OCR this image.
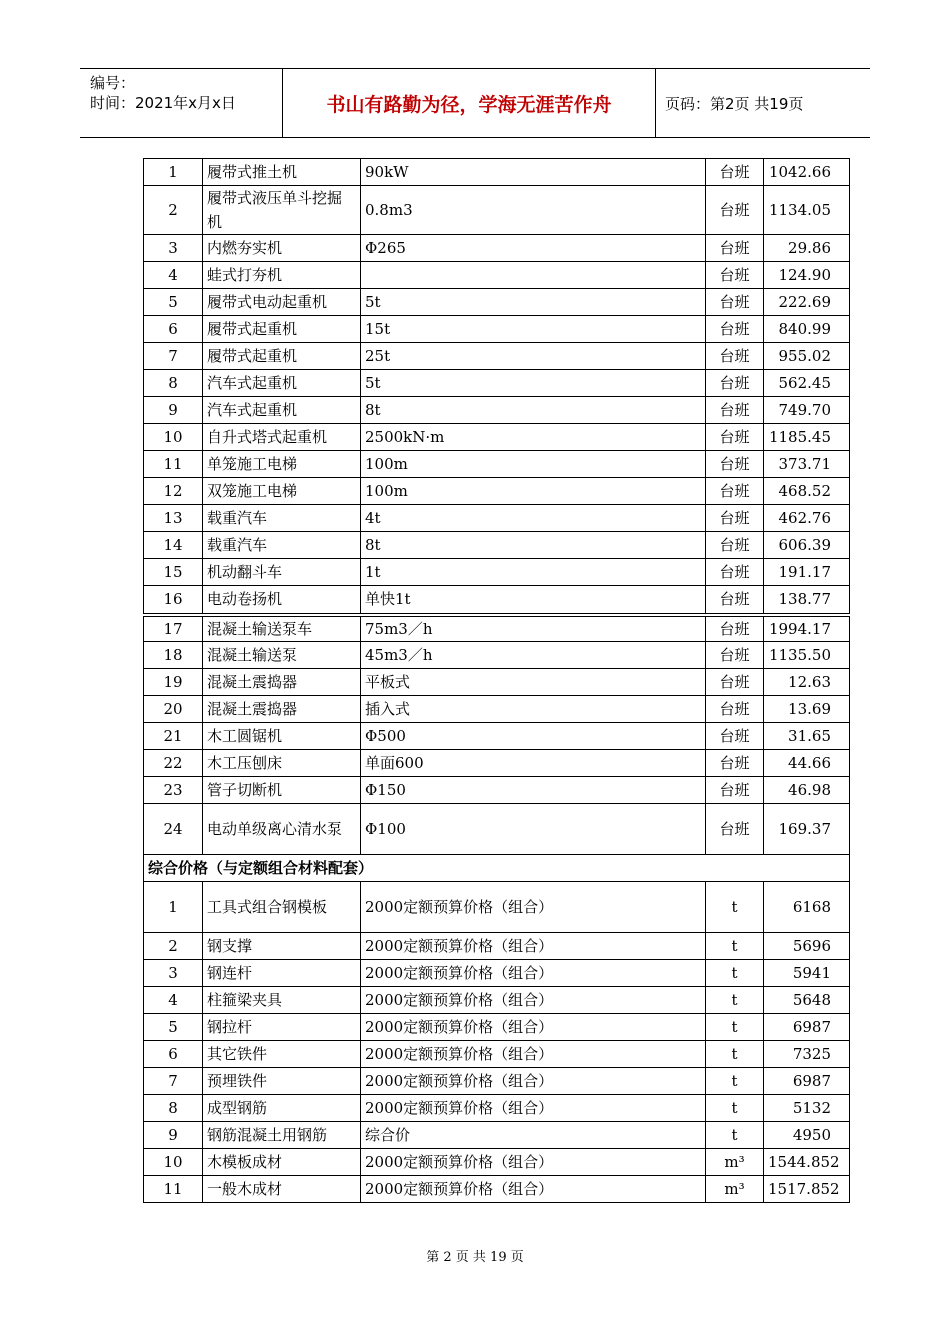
编号：
时间：2021年x月x日	书山有路勤为径，学海无涯苦作舟	页码：第2页 共19页
1	履带式推土机	90kW	台班	1042.66
2	履带式液压单斗挖掘机	0.8m3	台班	1134.05
3	内燃夯实机	Φ265	台班	29.86
4	蛙式打夯机		台班	124.90
5	履带式电动起重机	5t	台班	222.69
6	履带式起重机	15t	台班	840.99
7	履带式起重机	25t	台班	955.02
8	汽车式起重机	5t	台班	562.45
9	汽车式起重机	8t	台班	749.70
10	自升式塔式起重机	2500kN·m	台班	1185.45
11	单笼施工电梯	100m	台班	373.71
12	双笼施工电梯	100m	台班	468.52
13	载重汽车	4t	台班	462.76
14	载重汽车	8t	台班	606.39
15	机动翻斗车	1t	台班	191.17
16	电动卷扬机	单快1t	台班	138.77
17	混凝土输送泵车	75m3／h	台班	1994.17
18	混凝土输送泵	45m3／h	台班	1135.50
19	混凝土震捣器	平板式	台班	12.63
20	混凝土震捣器	插入式	台班	13.69
21	木工圆锯机	Φ500	台班	31.65
22	木工压刨床	单面600	台班	44.66
23	管子切断机	Φ150	台班	46.98
24	电动单级离心清水泵	Φ100	台班	169.37
综合价格（与定额组合材料配套）				
1	工具式组合钢模板	2000定额预算价格（组合）	t	6168
2	钢支撑	2000定额预算价格（组合）	t	5696
3	钢连杆	2000定额预算价格（组合）	t	5941
4	柱箍梁夹具	2000定额预算价格（组合）	t	5648
5	钢拉杆	2000定额预算价格（组合）	t	6987
6	其它铁件	2000定额预算价格（组合）	t	7325
7	预埋铁件	2000定额预算价格（组合）	t	6987
8	成型钢筋	2000定额预算价格（组合）	t	5132
9	钢筋混凝土用钢筋	综合价	t	4950
10	木模板成材	2000定额预算价格（组合）	m³	1544.852
11	一般木成材	2000定额预算价格（组合）	m³	1517.852
第 2 页 共 19 页
